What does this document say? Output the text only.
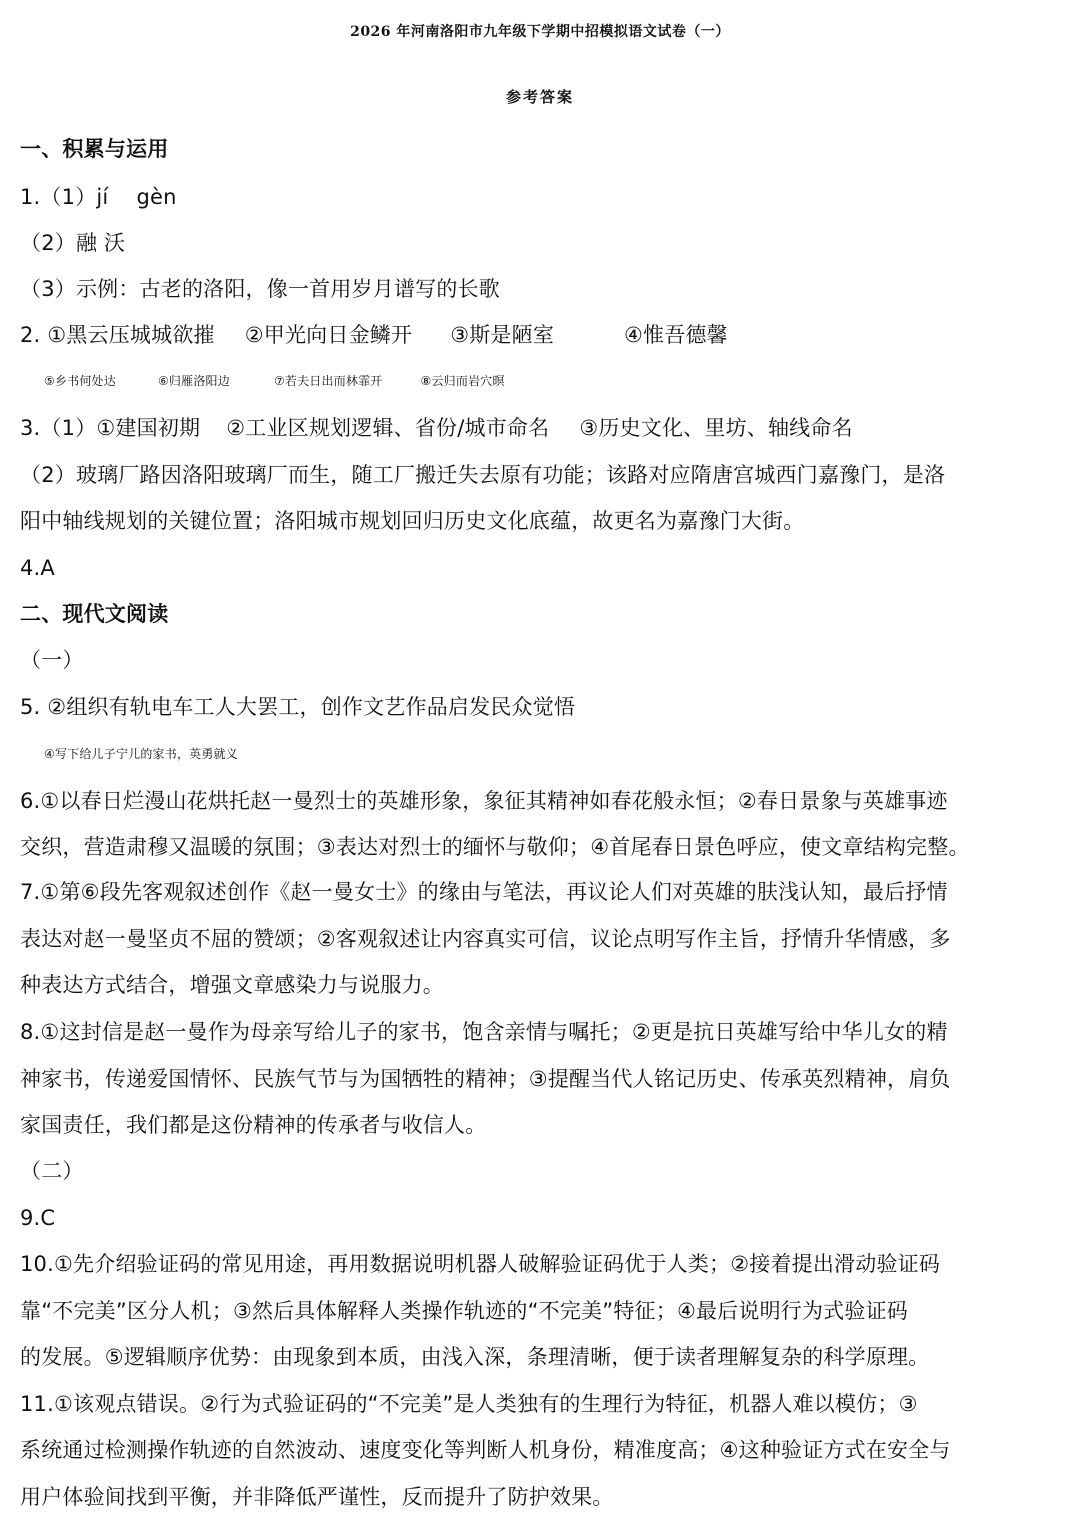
2026 年河南洛阳市九年级下学期中招模拟语文试卷（一）
参考答案
一、积累与运用
1.（1）jí gèn
（2）融 沃
（3）示例：古老的洛阳，像一首用岁月谱写的长歌
2. ①黑云压城城欲摧 ②甲光向日金鳞开 ③斯是陋室	④惟吾德馨
⑤乡书何处达	⑥归雁洛阳边	⑦若夫日出而林霏开	⑧云归而岩穴暝
3.（1）①建国初期 ②工业区规划逻辑、省份/城市命名 ③历史文化、里坊、轴线命名
（2）玻璃厂路因洛阳玻璃厂而生，随工厂搬迁失去原有功能；该路对应隋唐宫城西门嘉豫门，是洛
阳中轴线规划的关键位置；洛阳城市规划回归历史文化底蕴，故更名为嘉豫门大街。
4.A
二、现代文阅读
（一）
5. ②组织有轨电车工人大罢工，创作文艺作品启发民众觉悟
④写下给儿子宁儿的家书，英勇就义
6.①以春日烂漫山花烘托赵一曼烈士的英雄形象，象征其精神如春花般永恒；②春日景象与英雄事迹
交织，营造肃穆又温暖的氛围；③表达对烈士的缅怀与敬仰；④首尾春日景色呼应，使文章结构完整。
7.①第⑥段先客观叙述创作《赵一曼女士》的缘由与笔法，再议论人们对英雄的肤浅认知，最后抒情
表达对赵一曼坚贞不屈的赞颂；②客观叙述让内容真实可信，议论点明写作主旨，抒情升华情感，多
种表达方式结合，增强文章感染力与说服力。
8.①这封信是赵一曼作为母亲写给儿子的家书，饱含亲情与嘱托；②更是抗日英雄写给中华儿女的精
神家书，传递爱国情怀、民族气节与为国牺牲的精神；③提醒当代人铭记历史、传承英烈精神，肩负
家国责任，我们都是这份精神的传承者与收信人。
（二）
9.C
10.①先介绍验证码的常见用途，再用数据说明机器人破解验证码优于人类；②接着提出滑动验证码
靠“不完美”区分人机；③然后具体解释人类操作轨迹的“不完美”特征；④最后说明行为式验证码
的发展。⑤逻辑顺序优势：由现象到本质，由浅入深，条理清晰，便于读者理解复杂的科学原理。
11.①该观点错误。②行为式验证码的“不完美”是人类独有的生理行为特征，机器人难以模仿；③
系统通过检测操作轨迹的自然波动、速度变化等判断人机身份，精准度高；④这种验证方式在安全与
用户体验间找到平衡，并非降低严谨性，反而提升了防护效果。
